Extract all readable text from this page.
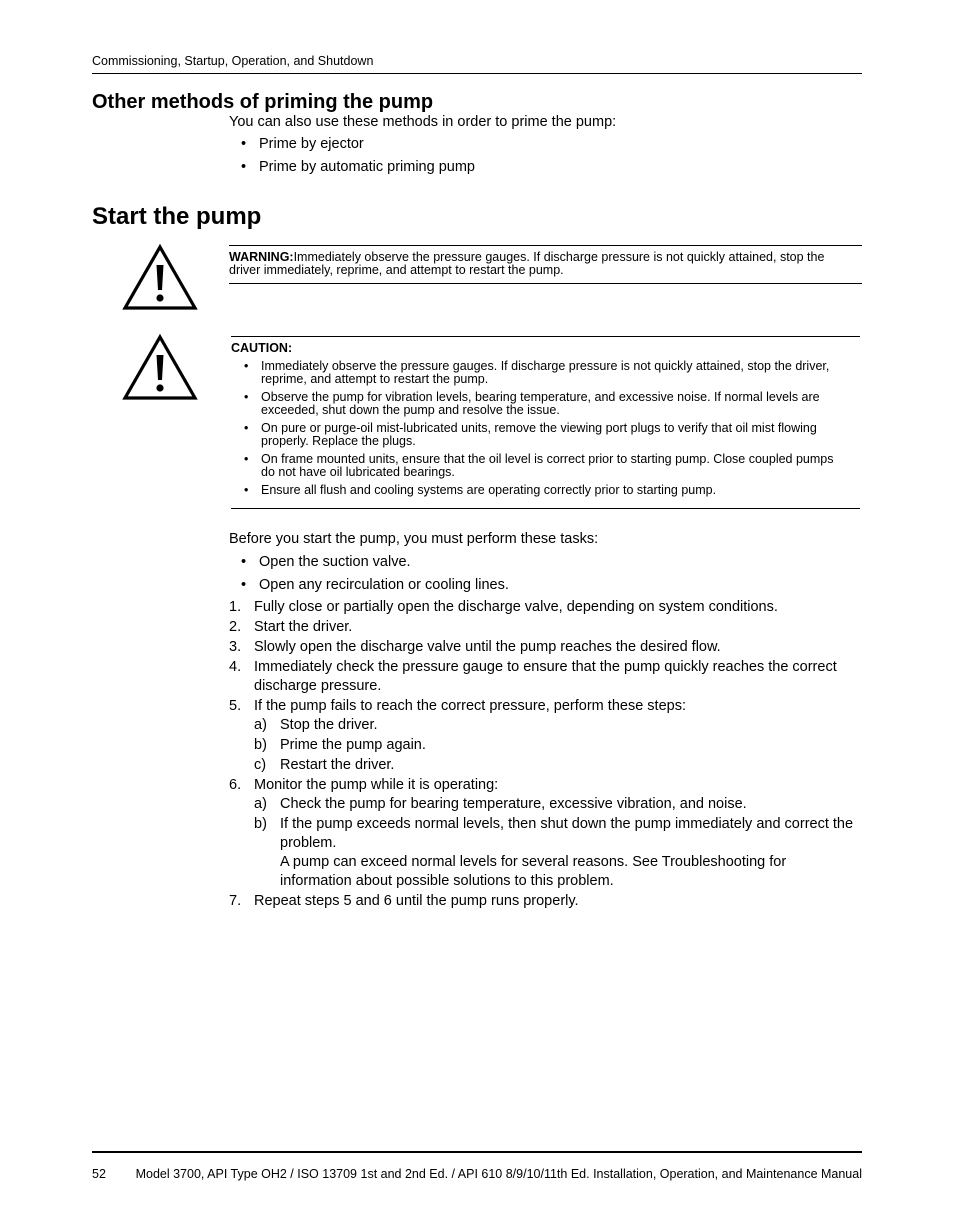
Commissioning, Startup, Operation, and Shutdown
Other methods of priming the pump
You can also use these methods in order to prime the pump:
• Prime by ejector
• Prime by automatic priming pump
Start the pump
WARNING:Immediately observe the pressure gauges. If discharge pressure is not quickly attained, stop the driver immediately, reprime, and attempt to restart the pump.
CAUTION:
• Immediately observe the pressure gauges. If discharge pressure is not quickly attained, stop the driver, reprime, and attempt to restart the pump.
• Observe the pump for vibration levels, bearing temperature, and excessive noise. If normal levels are exceeded, shut down the pump and resolve the issue.
• On pure or purge-oil mist-lubricated units, remove the viewing port plugs to verify that oil mist flowing properly. Replace the plugs.
• On frame mounted units, ensure that the oil level is correct prior to starting pump. Close coupled pumps do not have oil lubricated bearings.
• Ensure all flush and cooling systems are operating correctly prior to starting pump.
Before you start the pump, you must perform these tasks:
• Open the suction valve.
• Open any recirculation or cooling lines.
1. Fully close or partially open the discharge valve, depending on system conditions.
2. Start the driver.
3. Slowly open the discharge valve until the pump reaches the desired flow.
4. Immediately check the pressure gauge to ensure that the pump quickly reaches the correct discharge pressure.
5. If the pump fails to reach the correct pressure, perform these steps:
a) Stop the driver.
b) Prime the pump again.
c) Restart the driver.
6. Monitor the pump while it is operating:
a) Check the pump for bearing temperature, excessive vibration, and noise.
b) If the pump exceeds normal levels, then shut down the pump immediately and correct the problem.
A pump can exceed normal levels for several reasons. See Troubleshooting for information about possible solutions to this problem.
7. Repeat steps 5 and 6 until the pump runs properly.
52	Model 3700, API Type OH2 / ISO 13709 1st and 2nd Ed. / API 610 8/9/10/11th Ed. Installation, Operation, and Maintenance Manual
